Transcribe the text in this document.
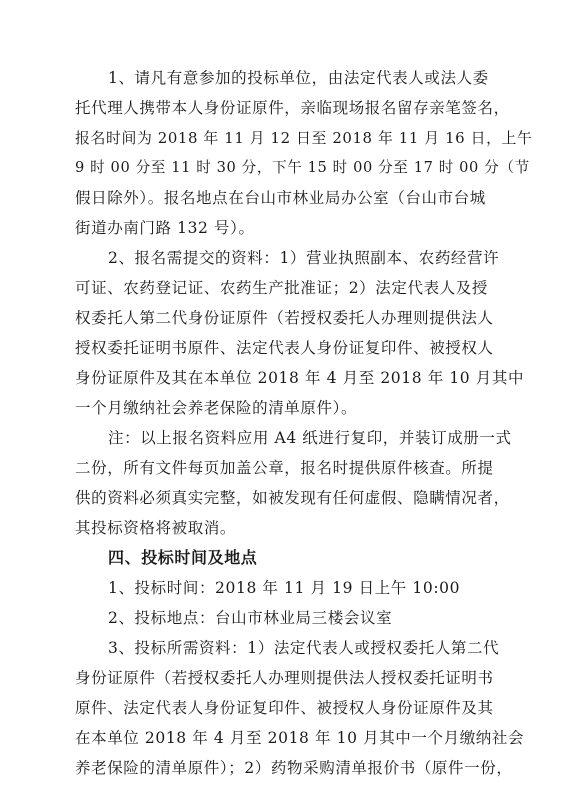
1、请凡有意参加的投标单位，由法定代表人或法人委
托代理人携带本人身份证原件，亲临现场报名留存亲笔签名，
报名时间为 2018 年 11 月 12 日至 2018 年 11 月 16 日，上午
9 时 00 分至 11 时 30 分，下午 15 时 00 分至 17 时 00 分（节
假日除外）。报名地点在台山市林业局办公室（台山市台城
街道办南门路 132 号）。
2、报名需提交的资料：1）营业执照副本、农药经营许
可证、农药登记证、农药生产批准证；2）法定代表人及授
权委托人第二代身份证原件（若授权委托人办理则提供法人
授权委托证明书原件、法定代表人身份证复印件、被授权人
身份证原件及其在本单位 2018 年 4 月至 2018 年 10 月其中
一个月缴纳社会养老保险的清单原件）。
注：以上报名资料应用 A4 纸进行复印，并装订成册一式
二份，所有文件每页加盖公章，报名时提供原件核查。所提
供的资料必须真实完整，如被发现有任何虚假、隐瞒情况者，
其投标资格将被取消。
四、投标时间及地点
1、投标时间：2018 年 11 月 19 日上午 10:00
2、投标地点：台山市林业局三楼会议室
3、投标所需资料：1）法定代表人或授权委托人第二代
身份证原件（若授权委托人办理则提供法人授权委托证明书
原件、法定代表人身份证复印件、被授权人身份证原件及其
在本单位 2018 年 4 月至 2018 年 10 月其中一个月缴纳社会
养老保险的清单原件）；2）药物采购清单报价书（原件一份，
